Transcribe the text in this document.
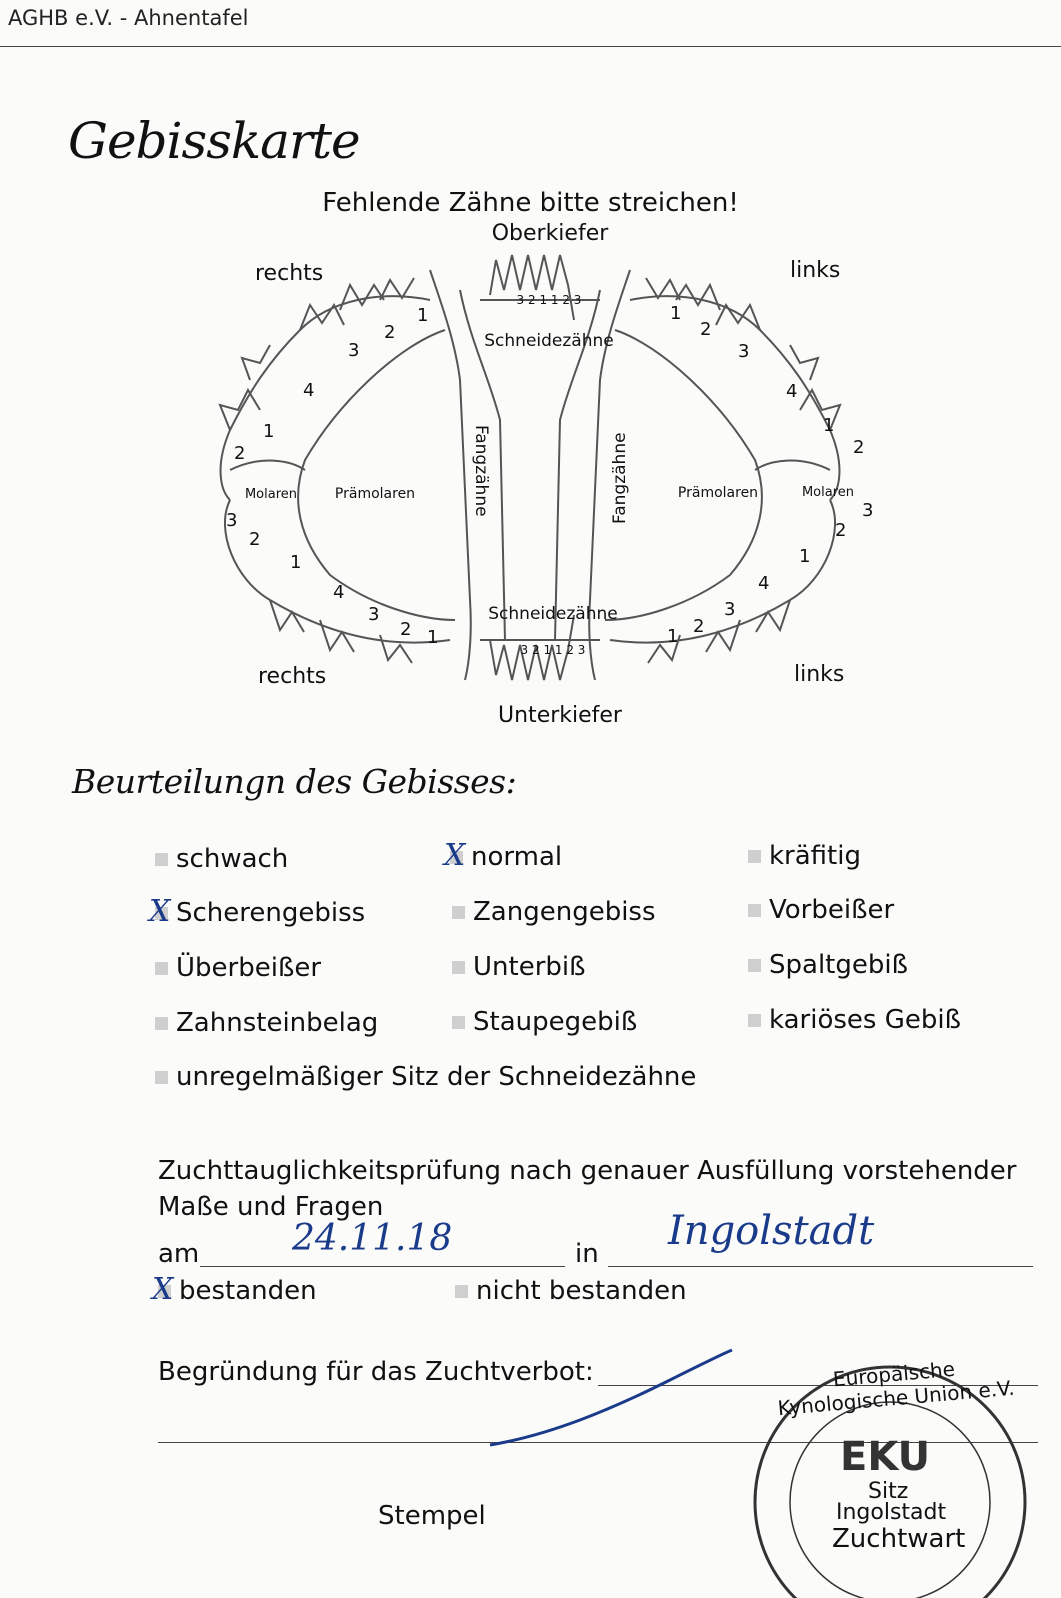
AGHB e.V. - Ahnentafel
Gebisskarte
Fehlende Zähne bitte streichen!
Oberkiefer
Unterkiefer
rechts	links
rechts	links
Schneidezähne
Schneidezähne
3 2 1 1 2 3
3 2 1 1 2 3
Fangzähne	Fangzähne
Prämolaren	Prämolaren
Molaren	Molaren
1
2
3
4
1
2
3
2
1
4
3
2 1
1
2
3
4
1
2
3
2
1
4
3
2
1
Beurteilungn des Gebisses:
schwach	X normal	kräfitig
X Scherengebiss	Zangengebiss	Vorbeißer
Überbeißer	Unterbiß	Spaltgebiß
Zahnsteinbelag	Staupegebiß	kariöses Gebiß
unregelmäßiger Sitz der Schneidezähne
Zuchttauglichkeitsprüfung nach genauer Ausfüllung vorstehender Maße und Fragen
am	24.11.18	in Ingolstadt
X bestanden	nicht bestanden
Begründung für das Zuchtverbot:
Stempel
Europäische Kynologische Union e.V.
EKU
Sitz
Ingolstadt
Zuchtwart
